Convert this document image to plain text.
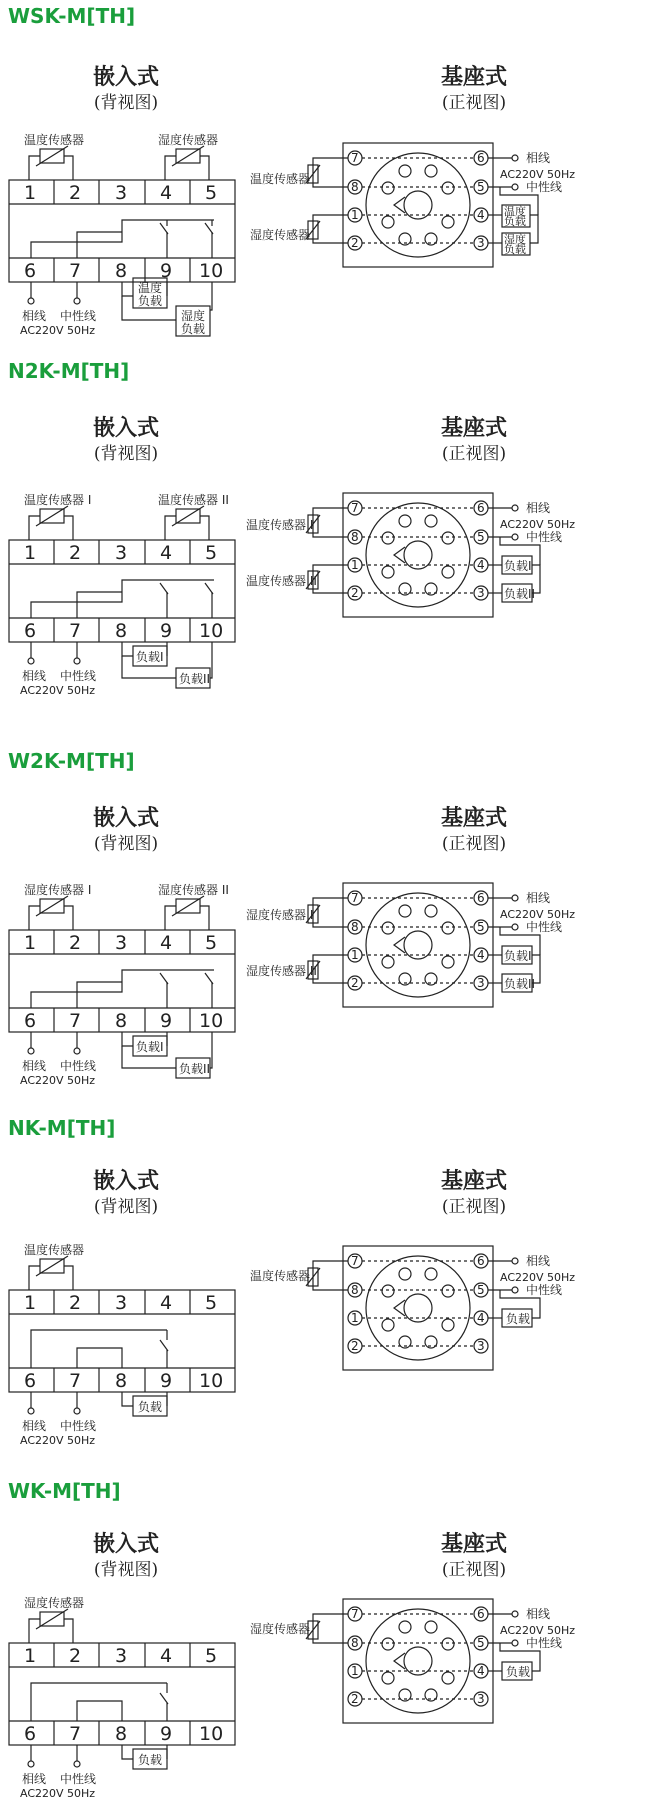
WSK-M[TH]
嵌入式
(背视图)
基座式
(正视图)
温度传感器	湿度传感器
1 2 3 4 5
6 7 8 9 10
相线 中性线
AC220V 50Hz
温度
负载
湿度
负载
7
8
1
2
6
5
4
3
温度传感器
湿度传感器
相线
AC220V 50Hz
中性线
温度
负载
湿度
负载
N2K-M[TH]
嵌入式
(背视图)
基座式
(正视图)
温度传感器 I	温度传感器 II
1 2 3 4 5
6 7 8 9 10
相线 中性线
AC220V 50Hz
负载I
负载II
7
8
1
2
6
5
4
3
温度传感器 I
温度传感器 II
相线
AC220V 50Hz
中性线
负载I
负载II
W2K-M[TH]
嵌入式
(背视图)
基座式
(正视图)
湿度传感器 I	湿度传感器 II
1 2 3 4 5
6 7 8 9 10
相线 中性线
AC220V 50Hz
负载I
负载II
7
8
1
2
6
5
4
3
湿度传感器 I
湿度传感器 II
相线
AC220V 50Hz
中性线
负载I
负载II
NK-M[TH]
嵌入式
(背视图)
基座式
(正视图)
温度传感器
1 2 3 4 5
6 7 8 9 10
相线 中性线
AC220V 50Hz
负载
7
8
1
2
6
5
4
3
温度传感器
相线
AC220V 50Hz
中性线
负载
WK-M[TH]
嵌入式
(背视图)
基座式
(正视图)
湿度传感器
1 2 3 4 5
6 7 8 9 10
相线 中性线
AC220V 50Hz
负载
7
8
1
2
6
5
4
3
湿度传感器
相线
AC220V 50Hz
中性线
负载
